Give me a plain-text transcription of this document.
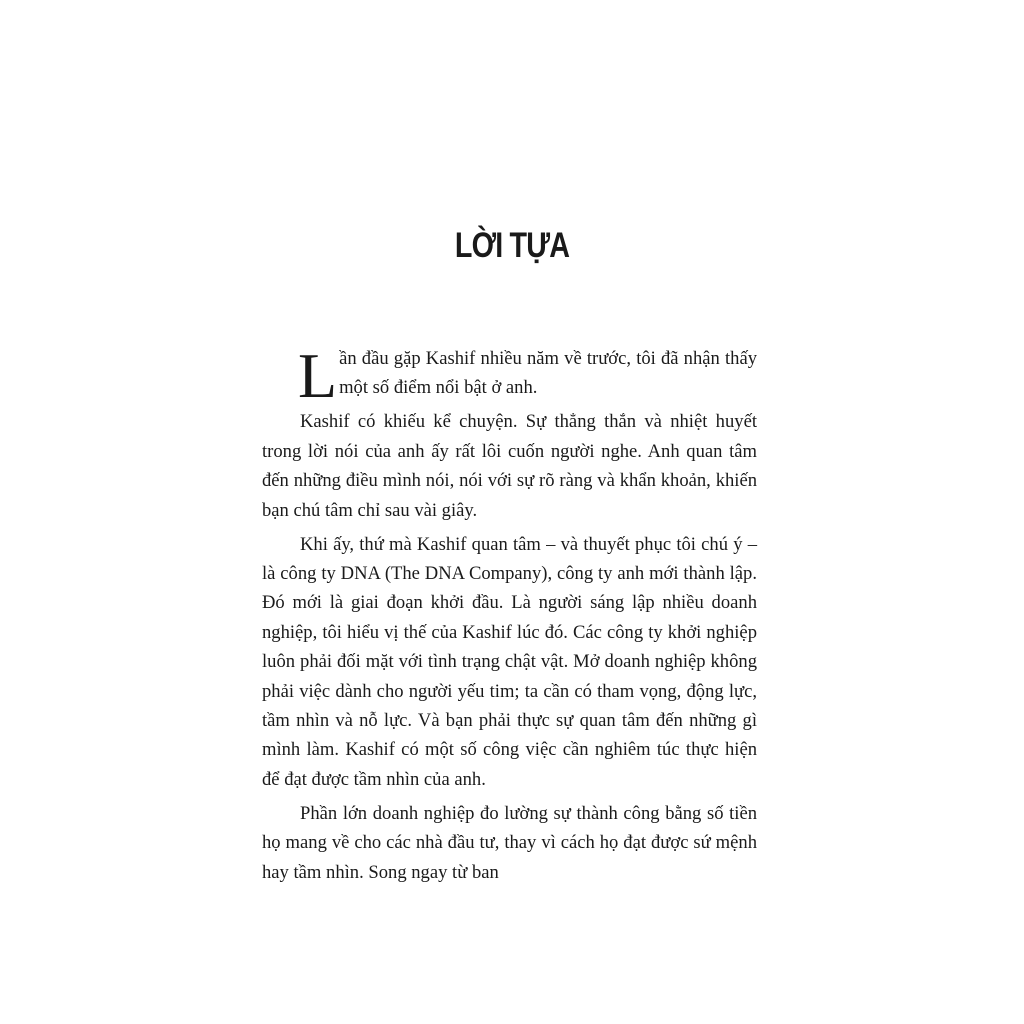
LỜI TỰA

Lần đầu gặp Kashif nhiều năm về trước, tôi đã nhận thấy một số điểm nổi bật ở anh.

Kashif có khiếu kể chuyện. Sự thẳng thắn và nhiệt huyết trong lời nói của anh ấy rất lôi cuốn người nghe. Anh quan tâm đến những điều mình nói, nói với sự rõ ràng và khẩn khoản, khiến bạn chú tâm chỉ sau vài giây.

Khi ấy, thứ mà Kashif quan tâm – và thuyết phục tôi chú ý – là công ty DNA (The DNA Company), công ty anh mới thành lập. Đó mới là giai đoạn khởi đầu. Là người sáng lập nhiều doanh nghiệp, tôi hiểu vị thế của Kashif lúc đó. Các công ty khởi nghiệp luôn phải đối mặt với tình trạng chật vật. Mở doanh nghiệp không phải việc dành cho người yếu tim; ta cần có tham vọng, động lực, tầm nhìn và nỗ lực. Và bạn phải thực sự quan tâm đến những gì mình làm. Kashif có một số công việc cần nghiêm túc thực hiện để đạt được tầm nhìn của anh.

Phần lớn doanh nghiệp đo lường sự thành công bằng số tiền họ mang về cho các nhà đầu tư, thay vì cách họ đạt được sứ mệnh hay tầm nhìn. Song ngay từ ban
